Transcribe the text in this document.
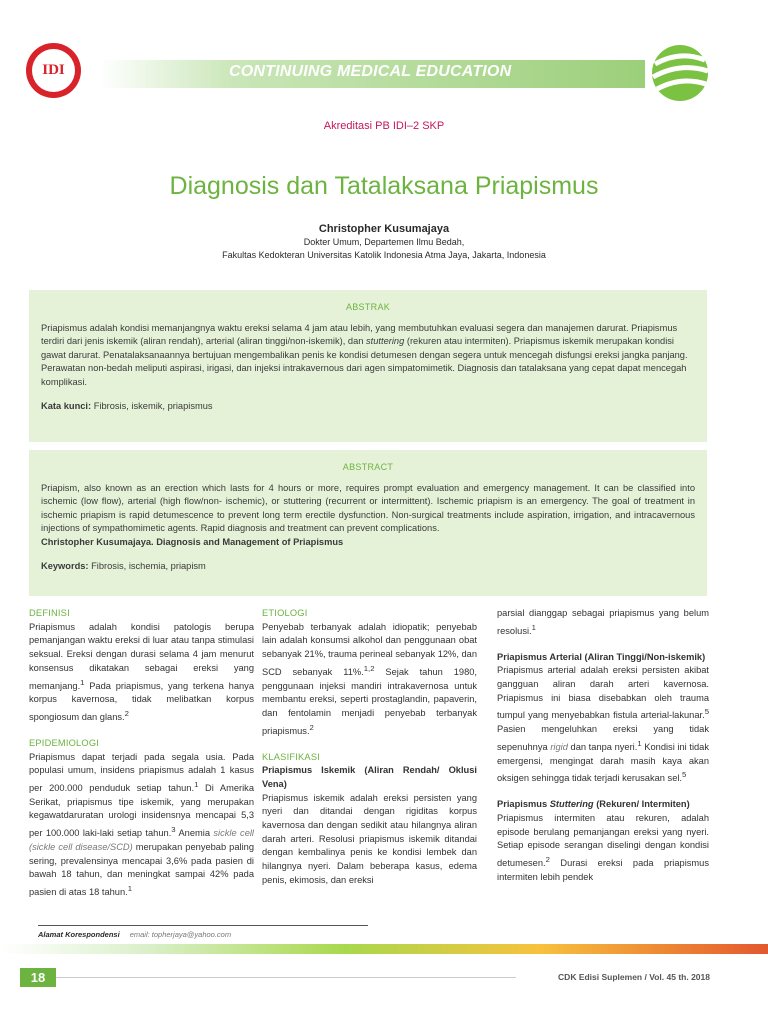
IDI	CONTINUING MEDICAL EDUCATION
Akreditasi PB IDI–2 SKP
Diagnosis dan Tatalaksana Priapismus
Christopher Kusumajaya
Dokter Umum, Departemen Ilmu Bedah,
Fakultas Kedokteran Universitas Katolik Indonesia Atma Jaya, Jakarta, Indonesia
ABSTRAK
Priapismus adalah kondisi memanjangnya waktu ereksi selama 4 jam atau lebih, yang membutuhkan evaluasi segera dan manajemen darurat. Priapismus terdiri dari jenis iskemik (aliran rendah), arterial (aliran tinggi/non-iskemik), dan stuttering (rekuren atau intermiten). Priapismus iskemik merupakan kondisi gawat darurat. Penatalaksanaannya bertujuan mengembalikan penis ke kondisi detumesen dengan segera untuk mencegah disfungsi ereksi jangka panjang. Perawatan non-bedah meliputi aspirasi, irigasi, dan injeksi intrakavernous dari agen simpatomimetik. Diagnosis dan tatalaksana yang cepat dapat mencegah komplikasi.
Kata kunci: Fibrosis, iskemik, priapismus
ABSTRACT
Priapism, also known as an erection which lasts for 4 hours or more, requires prompt evaluation and emergency management. It can be classified into ischemic (low flow), arterial (high flow/non- ischemic), or stuttering (recurrent or intermittent). Ischemic priapism is an emergency. The goal of treatment in ischemic priapism is rapid detumescence to prevent long term erectile dysfunction. Non-surgical treatments include aspiration, irrigation, and intracavernous injections of sympathomimetic agents. Rapid diagnosis and treatment can prevent complications.
Christopher Kusumajaya. Diagnosis and Management of Priapismus
Keywords: Fibrosis, ischemia, priapism

DEFINISI

Priapismus adalah kondisi patologis berupa pemanjangan waktu ereksi di luar atau tanpa stimulasi seksual. Ereksi dengan durasi selama 4 jam menurut konsensus dikatakan sebagai ereksi yang memanjang.$^1$ Pada priapismus, yang terkena hanya korpus kavernosa, tidak melibatkan korpus spongiosum dan glans.$^2$

EPIDEMIOLOGI

Priapismus dapat terjadi pada segala usia. Pada populasi umum, insidens priapismus adalah 1 kasus per 200.000 penduduk setiap tahun.$^1$ Di Amerika Serikat, priapismus tipe iskemik, yang merupakan kegawatdaruratan urologi insidensnya mencapai 5,3 per 100.000 laki-laki setiap tahun.$^3$ Anemia sickle cell (sickle cell disease/SCD) merupakan penyebab paling sering, prevalensinya mencapai 3,6% pada pasien di bawah 18 tahun, dan meningkat sampai 42% pada pasien di atas 18 tahun.$^1$

ETIOLOGI

Penyebab terbanyak adalah idiopatik; penyebab lain adalah konsumsi alkohol dan penggunaan obat sebanyak 21%, trauma perineal sebanyak 12%, dan SCD sebanyak 11%.$^{1,2}$ Sejak tahun 1980, penggunaan injeksi mandiri intrakavernosa untuk membantu ereksi, seperti prostaglandin, papaverin, dan fentolamin menjadi penyebab terbanyak priapismus.$^2$

KLASIFIKASI

Priapismus Iskemik (Aliran Rendah/ Oklusi Vena)

Priapismus iskemik adalah ereksi persisten yang nyeri dan ditandai dengan rigiditas korpus kavernosa dan dengan sedikit atau hilangnya aliran darah arteri. Resolusi priapismus iskemik ditandai dengan kembalinya penis ke kondisi lembek dan hilangnya nyeri. Dalam beberapa kasus, edema penis, ekimosis, dan ereksi

parsial dianggap sebagai priapismus yang belum resolusi.$^1$

Priapismus Arterial (Aliran Tinggi/Non-iskemik)

Priapismus arterial adalah ereksi persisten akibat gangguan aliran darah arteri kavernosa. Priapismus ini biasa disebabkan oleh trauma tumpul yang menyebabkan fistula arterial-lakunar.$^5$ Pasien mengeluhkan ereksi yang tidak sepenuhnya rigid dan tanpa nyeri.$^1$ Kondisi ini tidak emergensi, mengingat darah masih kaya akan oksigen sehingga tidak terjadi kerusakan sel.$^5$

Priapismus Stuttering (Rekuren/ Intermiten)

Priapismus intermiten atau rekuren, adalah episode berulang pemanjangan ereksi yang nyeri. Setiap episode serangan diselingi dengan kondisi detumesen.$^2$ Durasi ereksi pada priapismus intermiten lebih pendek

Alamat Korespondensi email: topherjaya@yahoo.com
18	CDK Edisi Suplemen / Vol. 45 th. 2018
